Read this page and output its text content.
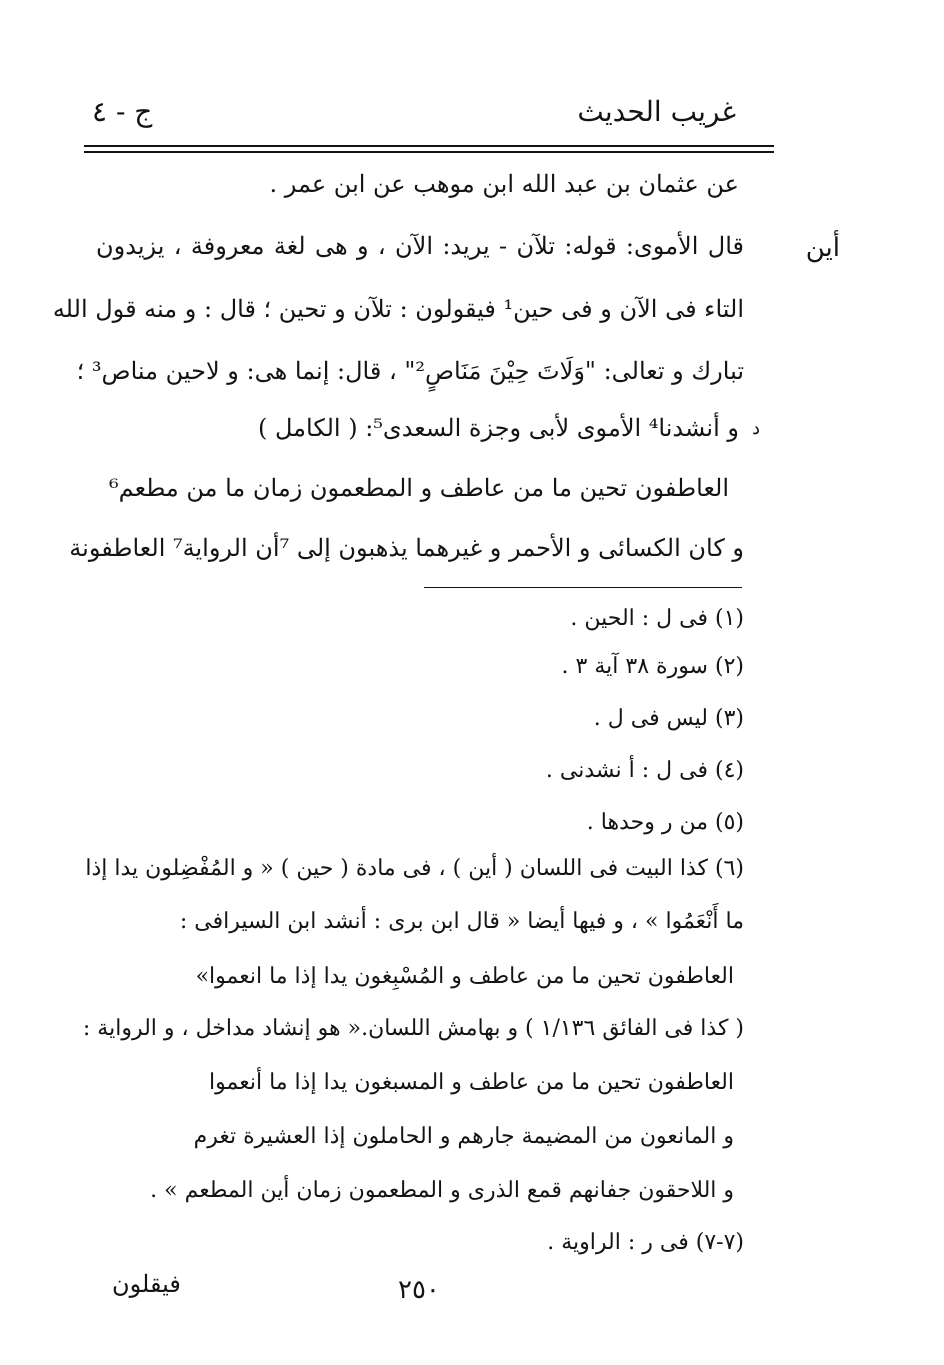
غريب الحديث
ج - ٤
أين
د
عن عثمان بن عبد الله ابن موهب عن ابن عمر .
قال الأموى: قوله: تلآن - يريد: الآن ، و هى لغة معروفة ، يزيدون
التاء فى الآن و فى حين¹ فيقولون : تلآن و تحين ؛ قال : و منه قول الله
تبارك و تعالى: "وَلَاتَ حِيْنَ مَنَاصٍ²" ، قال: إنما هى: و لاحين مناص³ ؛
و أنشدنا⁴ الأموى لأبى وجزة السعدى⁵: ( الكامل )
العاطفون تحين ما من عاطف و المطعمون زمان ما من مطعم⁶
و كان الكسائى و الأحمر و غيرهما يذهبون إلى ⁷أن الرواية⁷ العاطفونة
(١) فى ل : الحين .
(٢) سورة ٣٨ آية ٣ .
(٣) ليس فى ل .
(٤) فى ل : أ نشدنى .
(٥) من ر وحدها .
(٦) كذا البيت فى اللسان ( أين ) ، فى مادة ( حين ) « و المُفْضِلون يدا إذا
ما أَنْعَمُوا » ، و فيها أيضا « قال ابن برى : أنشد ابن السيرافى :
العاطفون تحين ما من عاطف و المُسْبِغون يدا إذا ما انعموا»
( كذا فى الفائق ١/١٣٦ ) و بهامش اللسان.« هو إنشاد مداخل ، و الرواية :
العاطفون تحين ما من عاطف و المسبغون يدا إذا ما أنعموا
و المانعون من المضيمة جارهم و الحاملون إذا العشيرة تغرم
و اللاحقون جفانهم قمع الذرى و المطعمون زمان أين المطعم » .
(٧-٧) فى ر : الراوية .
٢٥٠
فيقلون
